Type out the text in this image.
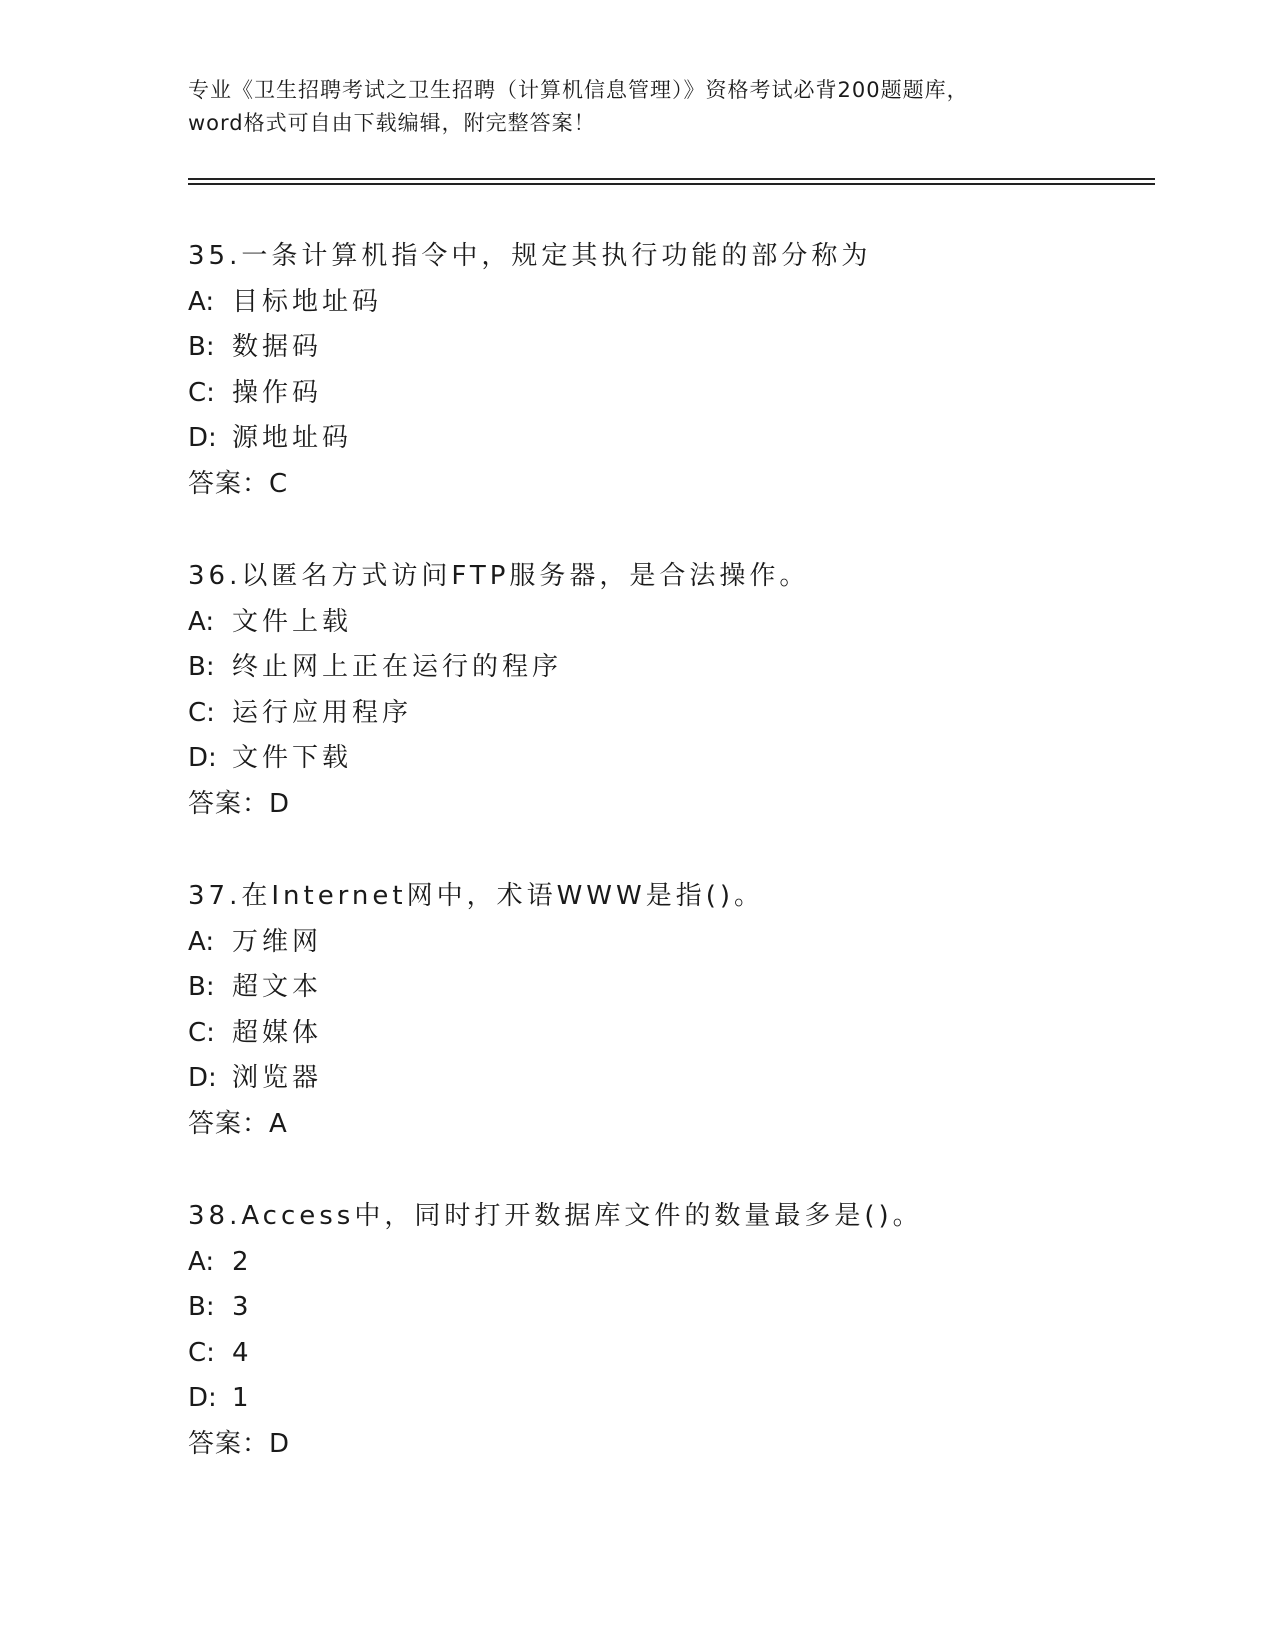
专业《卫生招聘考试之卫生招聘（计算机信息管理）》资格考试必背200题题库，
word格式可自由下载编辑，附完整答案！
35.一条计算机指令中，规定其执行功能的部分称为
A: 目标地址码
B: 数据码
C: 操作码
D: 源地址码
答案：C
36.以匿名方式访问FTP服务器，是合法操作。
A: 文件上载
B: 终止网上正在运行的程序
C: 运行应用程序
D: 文件下载
答案：D
37.在Internet网中，术语WWW是指()。
A: 万维网
B: 超文本
C: 超媒体
D: 浏览器
答案：A
38.Access中，同时打开数据库文件的数量最多是()。
A: 2
B: 3
C: 4
D: 1
答案：D
